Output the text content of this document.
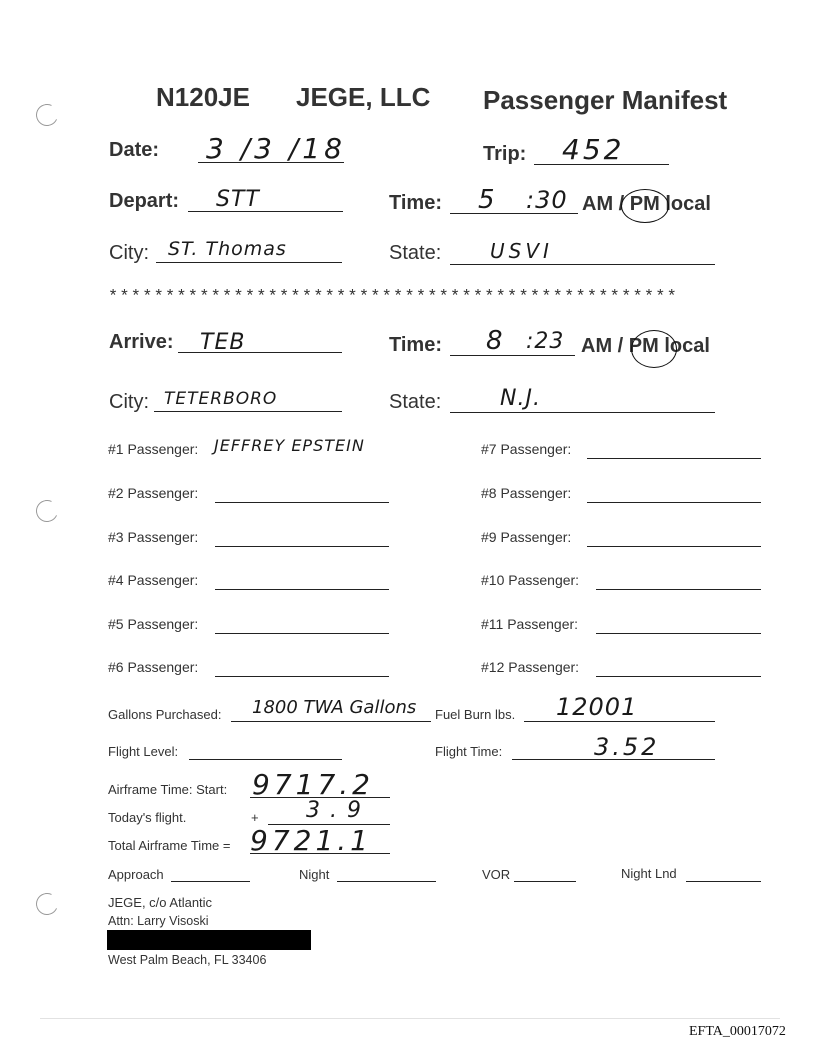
N120JE JEGE, LLC Passenger Manifest
Date: 3 /3 /18	Trip: 452
Depart: STT	Time: 5 :30 AM / PM local
City: ST. Thomas	State: USVI
**************************************************
Arrive: TEB	Time: 8 :23 AM / PM local
City: TETERBORO	State:	N.J.
#1 Passenger: JEFFREY EPSTEIN
#2 Passenger:
#3 Passenger:
#4 Passenger:
#5 Passenger:
#6 Passenger:
#7 Passenger:
#8 Passenger:
#9 Passenger:
#10 Passenger:
#11 Passenger:
#12 Passenger:
Gallons Purchased: 1800 TWA Gallons Fuel Burn lbs. 12001
Flight Level:	Flight Time:	3.52
Airframe Time: Start: 9717.2
Today's flight.	+ 3.9
Total Airframe Time = 9721.1
Approach	Night	VOR	Night Lnd
JEGE, c/o Atlantic
Attn: Larry Visoski
West Palm Beach, FL 33406
EFTA_00017072
